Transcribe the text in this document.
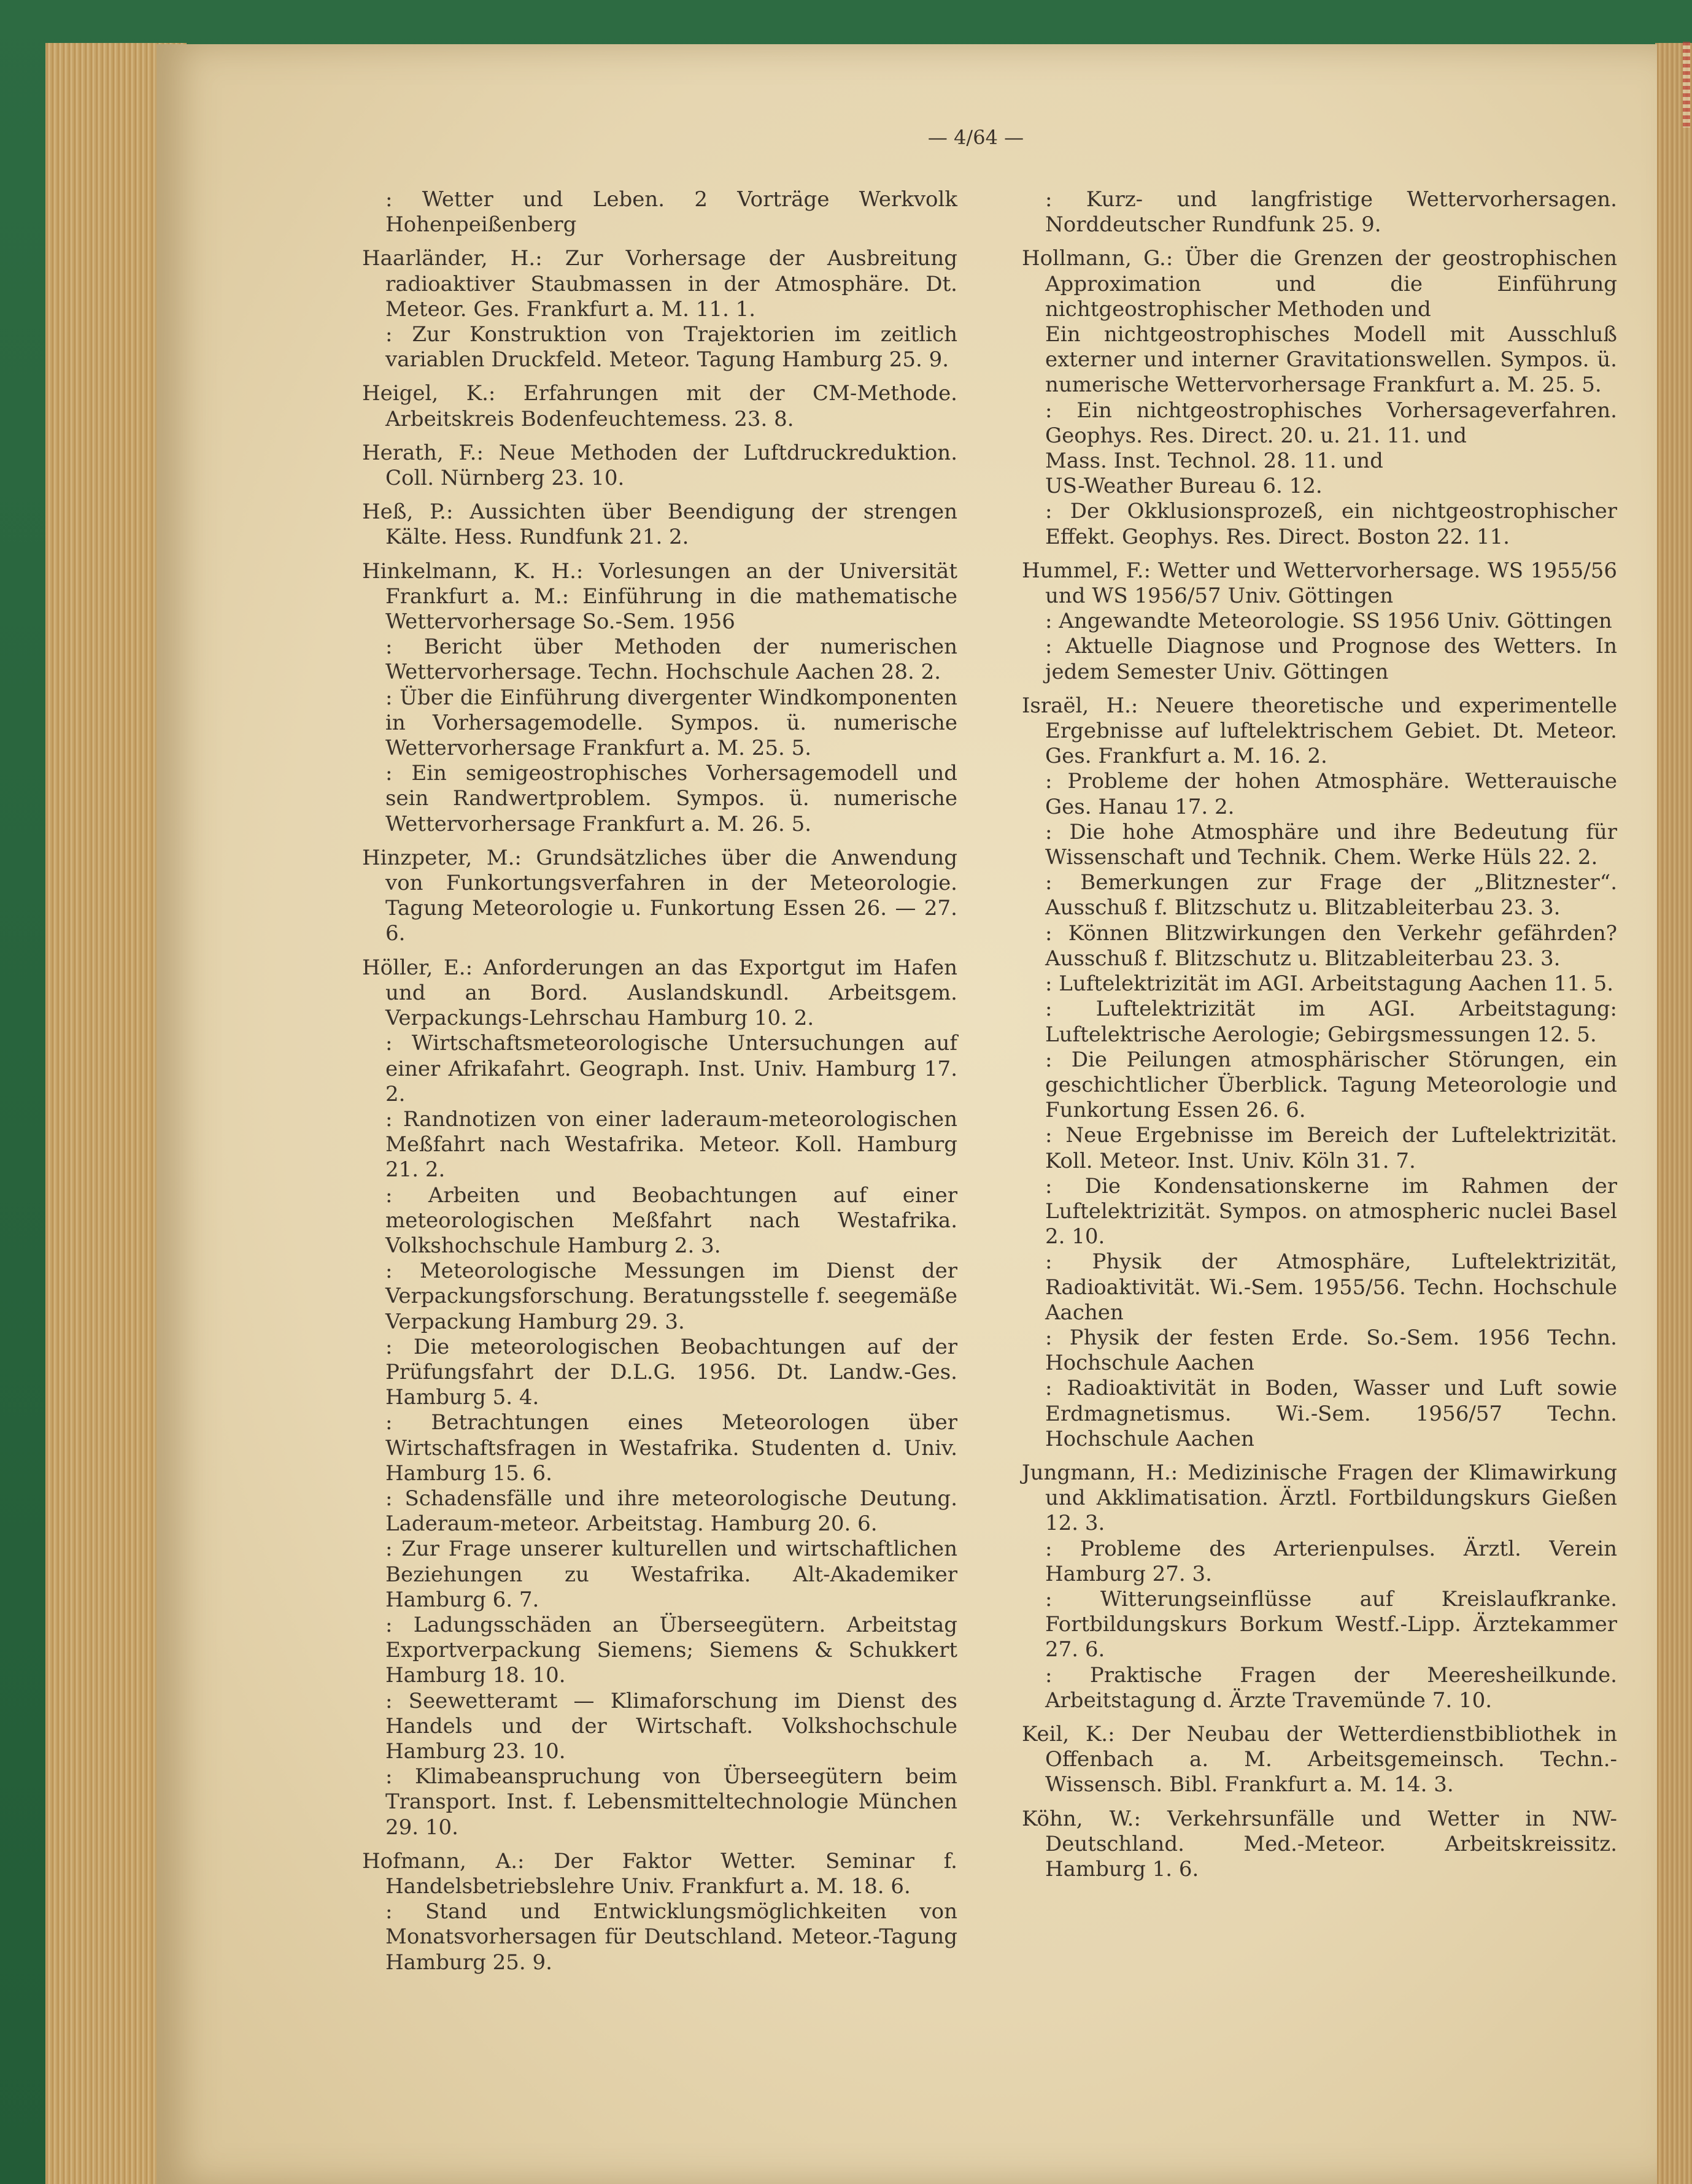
— 4/64 —

: Wetter und Leben. 2 Vorträge Werkvolk Hohenpeißenberg

Haarländer, H.: Zur Vorhersage der Ausbreitung radioaktiver Staubmassen in der Atmosphäre. Dt. Meteor. Ges. Frankfurt a. M. 11. 1.

: Zur Konstruktion von Trajektorien im zeitlich variablen Druckfeld. Meteor. Tagung Hamburg 25. 9.

Heigel, K.: Erfahrungen mit der CM-Methode. Arbeitskreis Bodenfeuchtemess. 23. 8.

Herath, F.: Neue Methoden der Luftdruckreduktion. Coll. Nürnberg 23. 10.

Heß, P.: Aussichten über Beendigung der strengen Kälte. Hess. Rundfunk 21. 2.

Hinkelmann, K. H.: Vorlesungen an der Universität Frankfurt a. M.: Einführung in die mathematische Wettervorhersage So.-Sem. 1956

: Bericht über Methoden der numerischen Wettervorhersage. Techn. Hochschule Aachen 28. 2.

: Über die Einführung divergenter Windkomponenten in Vorhersagemodelle. Sympos. ü. numerische Wettervorhersage Frankfurt a. M. 25. 5.

: Ein semigeostrophisches Vorhersagemodell und sein Randwertproblem. Sympos. ü. numerische Wettervorhersage Frankfurt a. M. 26. 5.

Hinzpeter, M.: Grundsätzliches über die Anwendung von Funkortungsverfahren in der Meteorologie. Tagung Meteorologie u. Funkortung Essen 26. — 27. 6.

Höller, E.: Anforderungen an das Exportgut im Hafen und an Bord. Auslandskundl. Arbeitsgem. Verpackungs-Lehrschau Hamburg 10. 2.

: Wirtschaftsmeteorologische Untersuchungen auf einer Afrikafahrt. Geograph. Inst. Univ. Hamburg 17. 2.

: Randnotizen von einer laderaum-meteorologischen Meßfahrt nach Westafrika. Meteor. Koll. Hamburg 21. 2.

: Arbeiten und Beobachtungen auf einer meteorologischen Meßfahrt nach Westafrika. Volkshochschule Hamburg 2. 3.

: Meteorologische Messungen im Dienst der Verpackungsforschung. Beratungsstelle f. seegemäße Verpackung Hamburg 29. 3.

: Die meteorologischen Beobachtungen auf der Prüfungsfahrt der D.L.G. 1956. Dt. Landw.-Ges. Hamburg 5. 4.

: Betrachtungen eines Meteorologen über Wirtschaftsfragen in Westafrika. Studenten d. Univ. Hamburg 15. 6.

: Schadensfälle und ihre meteorologische Deutung. Laderaum-meteor. Arbeitstag. Hamburg 20. 6.

: Zur Frage unserer kulturellen und wirtschaftlichen Beziehungen zu Westafrika. Alt-Akademiker Hamburg 6. 7.

: Ladungsschäden an Überseegütern. Arbeitstag Exportverpackung Siemens; Siemens & Schukkert Hamburg 18. 10.

: Seewetteramt — Klimaforschung im Dienst des Handels und der Wirtschaft. Volkshochschule Hamburg 23. 10.

: Klimabeanspruchung von Überseegütern beim Transport. Inst. f. Lebensmitteltechnologie München 29. 10.

Hofmann, A.: Der Faktor Wetter. Seminar f. Handelsbetriebslehre Univ. Frankfurt a. M. 18. 6.

: Stand und Entwicklungsmöglichkeiten von Monatsvorhersagen für Deutschland. Meteor.-Tagung Hamburg 25. 9.

: Kurz- und langfristige Wettervorhersagen. Norddeutscher Rundfunk 25. 9.

Hollmann, G.: Über die Grenzen der geostrophischen Approximation und die Einführung nichtgeostrophischer Methoden und

Ein nichtgeostrophisches Modell mit Ausschluß externer und interner Gravitationswellen. Sympos. ü. numerische Wettervorhersage Frankfurt a. M. 25. 5.

: Ein nichtgeostrophisches Vorhersageverfahren. Geophys. Res. Direct. 20. u. 21. 11. und

Mass. Inst. Technol. 28. 11. und

US-Weather Bureau 6. 12.

: Der Okklusionsprozeß, ein nichtgeostrophischer Effekt. Geophys. Res. Direct. Boston 22. 11.

Hummel, F.: Wetter und Wettervorhersage. WS 1955/56 und WS 1956/57 Univ. Göttingen

: Angewandte Meteorologie. SS 1956 Univ. Göttingen

: Aktuelle Diagnose und Prognose des Wetters. In jedem Semester Univ. Göttingen

Israël, H.: Neuere theoretische und experimentelle Ergebnisse auf luftelektrischem Gebiet. Dt. Meteor. Ges. Frankfurt a. M. 16. 2.

: Probleme der hohen Atmosphäre. Wetterauische Ges. Hanau 17. 2.

: Die hohe Atmosphäre und ihre Bedeutung für Wissenschaft und Technik. Chem. Werke Hüls 22. 2.

: Bemerkungen zur Frage der „Blitznester“. Ausschuß f. Blitzschutz u. Blitzableiterbau 23. 3.

: Können Blitzwirkungen den Verkehr gefährden? Ausschuß f. Blitzschutz u. Blitzableiterbau 23. 3.

: Luftelektrizität im AGI. Arbeitstagung Aachen 11. 5.

: Luftelektrizität im AGI. Arbeitstagung: Luftelektrische Aerologie; Gebirgsmessungen 12. 5.

: Die Peilungen atmosphärischer Störungen, ein geschichtlicher Überblick. Tagung Meteorologie und Funkortung Essen 26. 6.

: Neue Ergebnisse im Bereich der Luftelektrizität. Koll. Meteor. Inst. Univ. Köln 31. 7.

: Die Kondensationskerne im Rahmen der Luftelektrizität. Sympos. on atmospheric nuclei Basel 2. 10.

: Physik der Atmosphäre, Luftelektrizität, Radioaktivität. Wi.-Sem. 1955/56. Techn. Hochschule Aachen

: Physik der festen Erde. So.-Sem. 1956 Techn. Hochschule Aachen

: Radioaktivität in Boden, Wasser und Luft sowie Erdmagnetismus. Wi.-Sem. 1956/57 Techn. Hochschule Aachen

Jungmann, H.: Medizinische Fragen der Klimawirkung und Akklimatisation. Ärztl. Fortbildungskurs Gießen 12. 3.

: Probleme des Arterienpulses. Ärztl. Verein Hamburg 27. 3.

: Witterungseinflüsse auf Kreislaufkranke. Fortbildungskurs Borkum Westf.-Lipp. Ärztekammer 27. 6.

: Praktische Fragen der Meeresheilkunde. Arbeitstagung d. Ärzte Travemünde 7. 10.

Keil, K.: Der Neubau der Wetterdienstbibliothek in Offenbach a. M. Arbeitsgemeinsch. Techn.-Wissensch. Bibl. Frankfurt a. M. 14. 3.

Köhn, W.: Verkehrsunfälle und Wetter in NW-Deutschland. Med.-Meteor. Arbeitskreissitz. Hamburg 1. 6.
